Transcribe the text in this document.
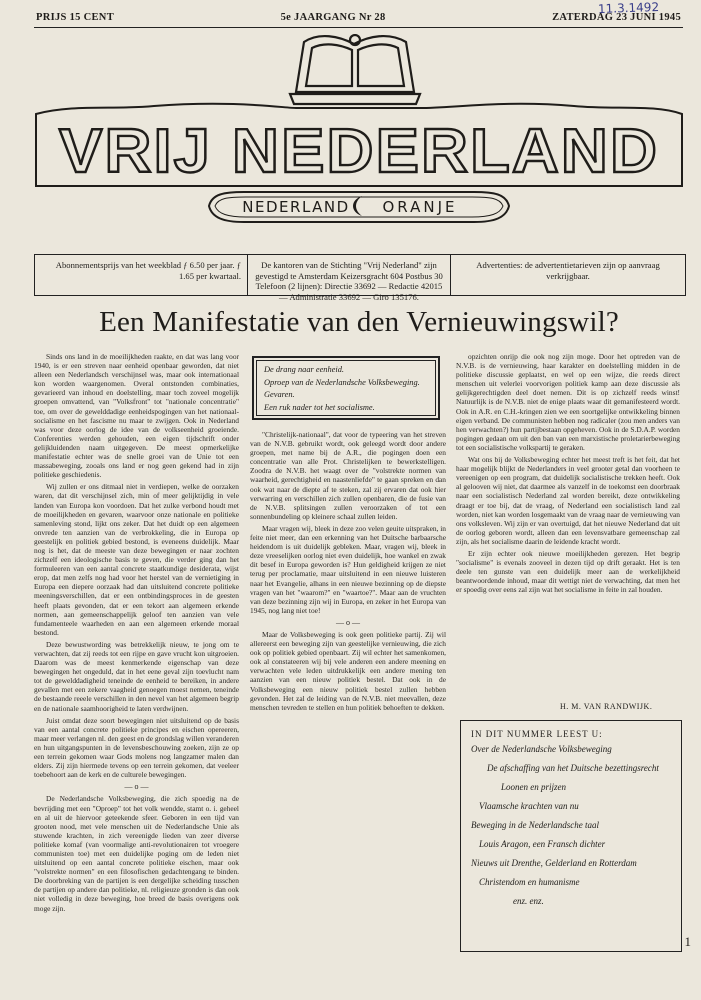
PRIJS 15 CENT	5e JAARGANG Nr 28	ZATERDAG 23 JUNI 1945
11.3.1492
VRIJ NEDERLAND
NEDERLAND ORANJE
Abonnementsprijs van het weekblad ƒ 6.50 per jaar. ƒ 1.65 per kwartaal.
De kantoren van de Stichting "Vrij Nederland" zijn gevestigd te Amsterdam Keizersgracht 604 Postbus 30 Telefoon (2 lijnen): Directie 33692 — Redactie 42015 — Administratie 33692 — Giro 135176.
Advertenties: de advertentietarieven zijn op aanvraag verkrijgbaar.
Een Manifestatie van den Vernieuwingswil?

Sinds ons land in de moeilijkheden raakte, en dat was lang voor 1940, is er een streven naar eenheid openbaar geworden, dat niet alleen een Nederlandsch verschijnsel was, maar ook internationaal kon worden waargenomen. Overal ontstonden combinaties, gevarieerd van inhoud en doelstelling, maar toch zoveel mogelijk groepen omvattend, van "Volksfront" tot "nationale concentratie" toe, om over de gewelddadige eenheidspogingen van het nationaal-socialisme en het fascisme nu maar te zwijgen. Ook in Nederland was voor deze oorlog de idee van de volkseenheid groeiende. Conferenties werden gehouden, een eigen tijdschrift onder gelijkluidenden naam uitgegeven. De meest opmerkelijke manifestatie echter was de snelle groei van de Unie tot een massabeweging, zooals ons land er nog geen gekend had in zijn politieke geschiedenis.

Wij zullen er ons ditmaal niet in verdiepen, welke de oorzaken waren, dat dit verschijnsel zich, min of meer gelijktijdig in vele landen van Europa kon voordoen. Dat het zulke verbond houdt met de moeilijkheden en gevaren, waarvoor onze nationale en politieke samenleving stond, lijkt ons zeker. Dat het duidt op een algemeen onvrede ten aanzien van de verbrokkeling, die in Europa op geestelijk en politiek gebied bestond, is eveneens duidelijk. Maar nog is het, dat de meeste van deze bewegingen er naar zochten zichzelf een ideologische basis te geven, die verder ging dan het formuleeren van een aantal concrete staatkundige desiderata, wijst erop, dat men zelfs nog had voor het herstel van de vernietiging in Europa een diepere oorzaak had dan uitsluitend concrete politieke meeningsverschillen, dat er een ontbindingsproces in de geesten heeft plaats gevonden, dat er een tekort aan algemeen erkende normen, aan gemeenschappelijk geloof ten aanzien van vele fundamenteele waarheden en aan een algemeen erkende moraal bestond.

Deze bewustwording was betrekkelijk nieuw, te jong om te verwachten, dat zij reeds tot een rijpe en gave vrucht kon uitgroeien. Daarom was de meest kenmerkende eigenschap van deze bewegingen het ongeduld, dat in het eene geval zijn toevlucht nam tot de gewelddadigheid teneinde de eenheid te bereiken, in andere gevallen met een zekere vaagheid genoegen moest nemen, teneinde de bestaande reeele verschillen in den nevel van het algemeen begrip en de nationale saamhoorigheid te laten verdwijnen.

Juist omdat deze soort bewegingen niet uitsluitend op de basis van een aantal concrete politieke principes en eischen opereeren, maar meer verlangen nl. den geest en de grondslag willen veranderen en hun uitgangspunten in de levensbeschouwing zoeken, zijn ze op een terrein gekomen waar Gods molens nog langzamer malen dan elders. Zij zijn hiermede tevens op een terrein gekomen, dat veeleer toebehoort aan de kerk en de culturele bewegingen.

— o —

De Nederlandsche Volksbeweging, die zich spoedig na de bevrijding met een "Oproep" tot het volk wendde, stamt o. i. geheel en al uit de hiervoor geteekende sfeer. Geboren in een tijd van grooten nood, met vele menschen uit de Nederlandsche Unie als stuwende krachten, in zich vereenigde lieden van zeer diverse politieke komaf (van voormalige anti-revolutionairen tot vroegere communisten toe) met een duidelijke poging om de leden niet uitsluitend op een aantal concrete politieke eischen, maar ook "volstrekte normen" en een filosofischen gedachtengang te binden. De doorbreking van de partijen is een dergelijke scheiding tusschen de partijen op andere dan politieke, nl. religieuze gronden is dan ook niet volledig in deze beweging, hoe breed de basis overigens ook moge zijn.

De drang naar eenheid.
Oproep van de Nederlandsche Volksbeweging.
Gevaren.
Een ruk nader tot het socialisme.

"Christelijk-nationaal", dat voor de typeering van het streven van de N.V.B. gebruikt wordt, ook geleegd wordt door andere groepen, met name bij de A.R., die pogingen doen een concentratie van alle Prot. Christelijken te bewerkstelligen. Zoodra de N.V.B. het waagt over de "volstrekte normen van waarheid, gerechtigheid en naastenliefde" te gaan spreken en dan ook wat naar de diepte af te steken, zal zij ervaren dat ook hier verwarring en verschillen zich zullen openbaren, die de fusie van de N.V.B. splitsingen zullen veroorzaken of tot een sonnenbundeling op kleinere schaal zullen leiden.

Maar vragen wij, bleek in deze zoo velen geuite uitspraken, in feite niet meer, dan een erkenning van het Duitsche barbaarsche heidendom is uit duidelijk gebleken. Maar, vragen wij, bleek in deze vreeselijken oorlog niet even duidelijk, hoe wankel en zwak dit besef in Europa geworden is? Hun geldigheid krijgen ze niet terug per proclamatie, maar uitsluitend in een nieuwe luisteren naar het Evangelie, alhans in een nieuwe bezinning op de diepste vragen van het "waarom?" en "waartoe?". Maar aan de vruchten van deze bezinning zijn wij in Europa, en zeker in het Europa van 1945, nog lang niet toe!

— o —

Maar de Volksbeweging is ook geen politieke partij. Zij wil allereerst een beweging zijn van geestelijke vernieuwing, die zich ook op politiek gebied openbaart. Zij wil echter het samenkomen, ook al constateeren wij bij vele anderen een andere meening en verwachten vele leden uitdrukkelijk een andere mening ten aanzien van een nieuw politiek bestel. Dat ook in de Volksbeweging een nieuw politiek bestel zullen hebben gevonden. Het zal de leiding van de N.V.B. niet meevallen, deze menschen tevreden te stellen en hun politiek behoeften te dekken.

opzichten onrijp die ook nog zijn moge. Door het optreden van de N.V.B. is de vernieuwing, haar karakter en doelstelling midden in de politieke discussie geplaatst, en wel op een wijze, die reeds direct menschen uit velerlei voorvorigen politiek kamp aan deze discussie als gelijkgerechtigden deel doet nemen. Dit is op zichzelf reeds winst! Natuurlijk is de N.V.B. niet de enige plaats waar dit gemanifesteerd wordt. Ook in A.R. en C.H.-kringen zien we een soortgelijke ontwikkeling binnen eigen verband. De communisten hebben nog radicaler (zou men anders van hen verwachten?) hun partijbestaan opgeheven. Ook in de S.D.A.P. worden pogingen gedaan om uit den ban van een marxistische proletarierbeweging tot een socialistische volkspartij te geraken.

Wat ons bij de Volksbeweging echter het meest treft is het feit, dat het haar mogelijk blijkt de Nederlanders in veel grooter getal dan voorheen te vereenigen op een program, dat duidelijk socialistische trekken heeft. Ook al gelooven wij niet, dat daarmee als vanzelf in de toekomst een doorbraak naar een socialistisch Nederland zal worden bereikt, deze ontwikkeling draagt er toe bij, dat de vraag, of Nederland een socialistisch land zal worden, niet kan worden losgemaakt van de vraag naar de vernieuwing van ons volksleven. Wij zijn er van overtuigd, dat het nieuwe Nederland dat uit de oorlog geboren wordt, alleen dan een levensvatbare gemeenschap zal zijn, als het socialisme daarin de leidende kracht wordt.

Er zijn echter ook nieuwe moeilijkheden gerezen. Het begrip "socialisme" is evenals zooveel in dezen tijd op drift geraakt. Het is ten deele ten gunste van een duidelijk meer aan de werkelijkheid beantwoordende inhoud, maar dit wettigt niet de verwachting, dat men het er spoedig over eens zal zijn wat het socialisme in feite in zal houden.

H. M. VAN RANDWIJK.
IN DIT NUMMER LEEST U:
Over de Nederlandsche Volksbeweging
De afschaffing van het Duitsche bezettingsrecht
Loonen en prijzen
Vlaamsche krachten van nu
Beweging in de Nederlandsche taal
Louis Aragon, een Fransch dichter
Nieuws uit Drenthe, Gelderland en Rotterdam
Christendom en humanisme
enz. enz.
1
